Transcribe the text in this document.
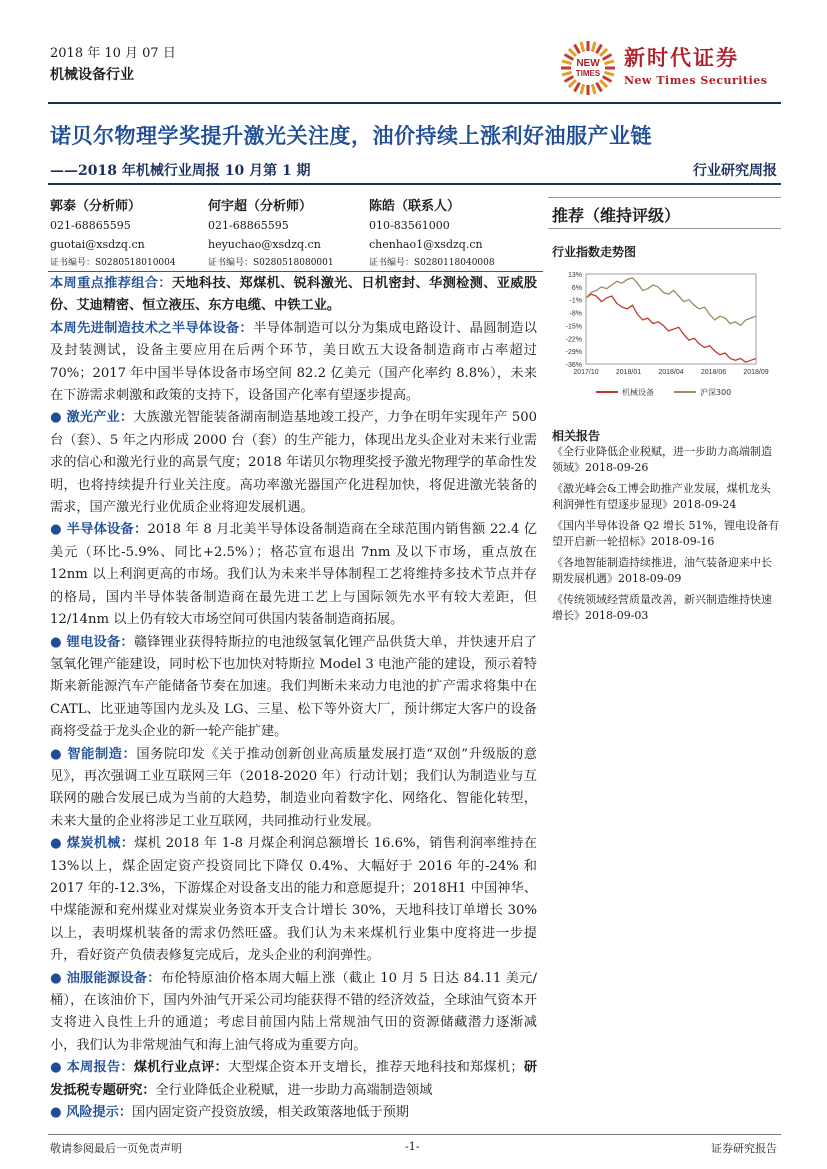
2018 年 10 月 07 日
机械设备行业
NEW
TIMES
新时代证券
New Times Securities
诺贝尔物理学奖提升激光关注度，油价持续上涨利好油服产业链
——2018 年机械行业周报 10 月第 1 期	行业研究周报
郭泰（分析师）
021-68865595
guotai@xsdzq.cn
证书编号：S0280518010004
何宇超（分析师）
021-68865595
heyuchao@xsdzq.cn
证书编号：S0280518080001
陈皓（联系人）
010-83561000
chenhao1@xsdzq.cn
证书编号：S0280118040008

本周重点推荐组合：天地科技、郑煤机、锐科激光、日机密封、华测检测、亚威股份、艾迪精密、恒立液压、东方电缆、中铁工业。

本周先进制造技术之半导体设备：半导体制造可以分为集成电路设计、晶圆制造以及封装测试，设备主要应用在后两个环节，美日欧五大设备制造商市占率超过 70%；2017 年中国半导体设备市场空间 82.2 亿美元（国产化率约 8.8%），未来在下游需求刺激和政策的支持下，设备国产化率有望逐步提高。

● 激光产业：大族激光智能装备湖南制造基地竣工投产，力争在明年实现年产 500 台（套）、5 年之内形成 2000 台（套）的生产能力，体现出龙头企业对未来行业需求的信心和激光行业的高景气度；2018 年诺贝尔物理奖授予激光物理学的革命性发明，也将持续提升行业关注度。高功率激光器国产化进程加快，将促进激光装备的需求，国产激光行业优质企业将迎发展机遇。

● 半导体设备：2018 年 8 月北美半导体设备制造商在全球范围内销售额 22.4 亿美元（环比-5.9%、同比+2.5%）；格芯宣布退出 7nm 及以下市场，重点放在 12nm 以上利润更高的市场。我们认为未来半导体制程工艺将维持多技术节点并存的格局，国内半导体装备制造商在最先进工艺上与国际领先水平有较大差距，但 12/14nm 以上仍有较大市场空间可供国内装备制造商拓展。

● 锂电设备：赣锋锂业获得特斯拉的电池级氢氧化锂产品供货大单，并快速开启了氢氧化锂产能建设，同时松下也加快对特斯拉 Model 3 电池产能的建设，预示着特斯来新能源汽车产能储备节奏在加速。我们判断未来动力电池的扩产需求将集中在 CATL、比亚迪等国内龙头及 LG、三星、松下等外资大厂，预计绑定大客户的设备商将受益于龙头企业的新一轮产能扩建。

● 智能制造：国务院印发《关于推动创新创业高质量发展打造“双创”升级版的意见》，再次强调工业互联网三年（2018-2020 年）行动计划；我们认为制造业与互联网的融合发展已成为当前的大趋势，制造业向着数字化、网络化、智能化转型，未来大量的企业将涉足工业互联网，共同推动行业发展。

● 煤炭机械：煤机 2018 年 1-8 月煤企利润总额增长 16.6%，销售利润率维持在 13%以上，煤企固定资产投资同比下降仅 0.4%、大幅好于 2016 年的-24% 和 2017 年的-12.3%，下游煤企对设备支出的能力和意愿提升；2018H1 中国神华、中煤能源和兖州煤业对煤炭业务资本开支合计增长 30%，天地科技订单增长 30%以上，表明煤机装备的需求仍然旺盛。我们认为未来煤机行业集中度将进一步提升，看好资产负债表修复完成后，龙头企业的利润弹性。

● 油服能源设备：布伦特原油价格本周大幅上涨（截止 10 月 5 日达 84.11 美元/桶），在该油价下，国内外油气开采公司均能获得不错的经济效益，全球油气资本开支将进入良性上升的通道；考虑目前国内陆上常规油气田的资源储藏潜力逐渐减小，我们认为非常规油气和海上油气将成为重要方向。

● 本周报告：煤机行业点评：大型煤企资本开支增长，推荐天地科技和郑煤机；研发抵税专题研究：全行业降低企业税赋，进一步助力高端制造领域

● 风险提示：国内固定资产投资放缓，相关政策落地低于预期

推荐（维持评级）
行业指数走势图
13%
6%
-1%
-8%
-15%
-22%
-29%
-36%
2017/10 2018/01 2018/04 2018/06 2018/09
机械设备	沪深300
相关报告
《全行业降低企业税赋，进一步助力高端制造领域》2018-09-26
《激光峰会&工博会助推产业发展，煤机龙头利润弹性有望逐步显现》2018-09-24
《国内半导体设备 Q2 增长 51%，锂电设备有望开启新一轮招标》2018-09-16
《各地智能制造持续推进，油气装备迎来中长期发展机遇》2018-09-09
《传统领域经营质量改善，新兴制造维持快速增长》2018-09-03
敬请参阅最后一页免责声明	-1-	证券研究报告
